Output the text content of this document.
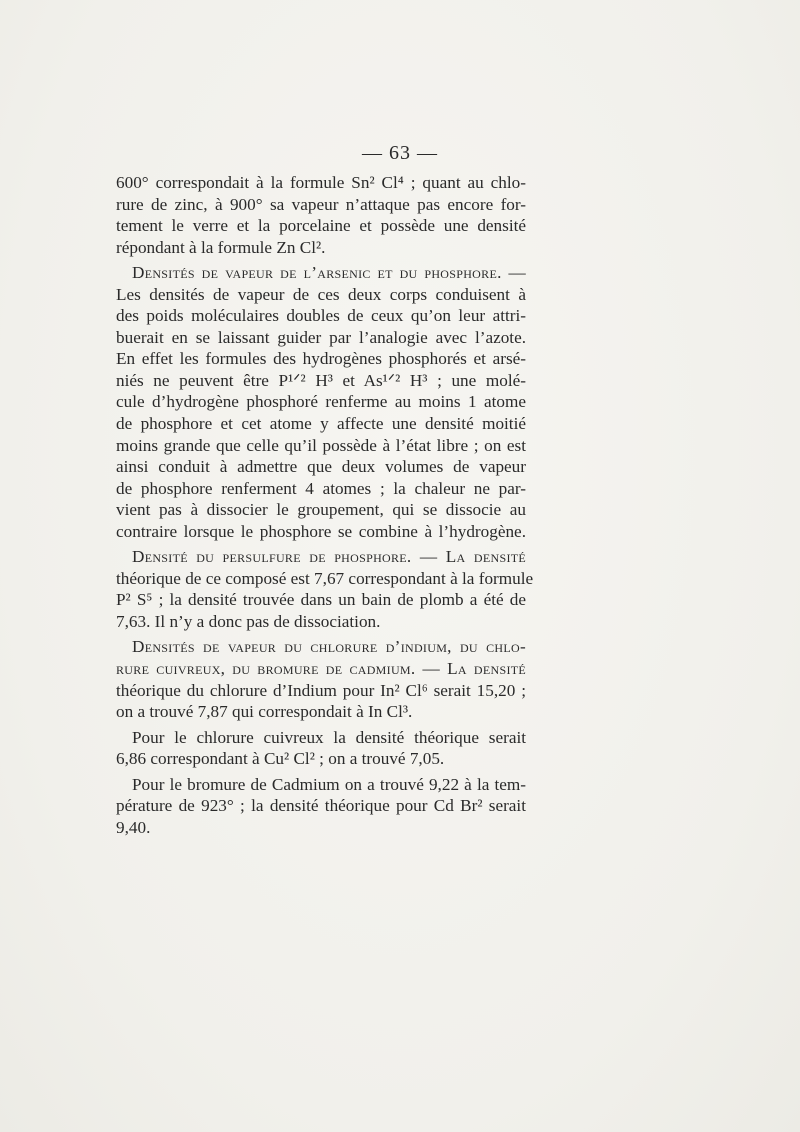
— 63 —
600° correspondait à la formule Sn² Cl⁴ ; quant au chlo-
rure de zinc, à 900° sa vapeur n’attaque pas encore for-
tement le verre et la porcelaine et possède une densité
répondant à la formule Zn Cl².
Densités de vapeur de l’arsenic et du phosphore. —
Les densités de vapeur de ces deux corps conduisent à
des poids moléculaires doubles de ceux qu’on leur attri-
buerait en se laissant guider par l’analogie avec l’azote.
En effet les formules des hydrogènes phosphorés et arsé-
niés ne peuvent être P¹ᐟ² H³ et As¹ᐟ² H³ ; une molé-
cule d’hydrogène phosphoré renferme au moins 1 atome
de phosphore et cet atome y affecte une densité moitié
moins grande que celle qu’il possède à l’état libre ; on est
ainsi conduit à admettre que deux volumes de vapeur
de phosphore renferment 4 atomes ; la chaleur ne par-
vient pas à dissocier le groupement, qui se dissocie au
contraire lorsque le phosphore se combine à l’hydrogène.
Densité du persulfure de phosphore. — La densité
théorique de ce composé est 7,67 correspondant à la formule
P² S⁵ ; la densité trouvée dans un bain de plomb a été de
7,63. Il n’y a donc pas de dissociation.
Densités de vapeur du chlorure d’indium, du chlo-
rure cuivreux, du bromure de cadmium. — La densité
théorique du chlorure d’Indium pour In² Cl⁶ serait 15,20 ;
on a trouvé 7,87 qui correspondait à In Cl³.
Pour le chlorure cuivreux la densité théorique serait
6,86 correspondant à Cu² Cl² ; on a trouvé 7,05.
Pour le bromure de Cadmium on a trouvé 9,22 à la tem-
pérature de 923° ; la densité théorique pour Cd Br² serait
9,40.
